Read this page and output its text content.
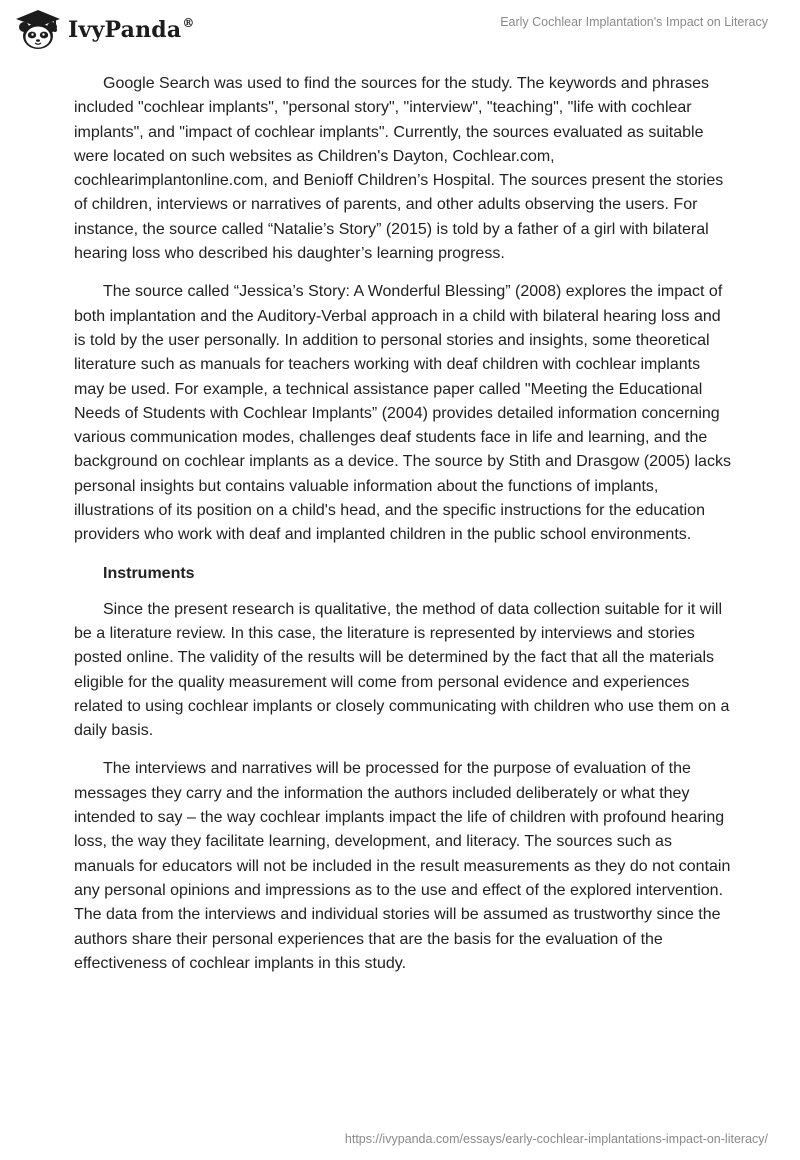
IvyPanda®	Early Cochlear Implantation's Impact on Literacy

Google Search was used to find the sources for the study. The keywords and phrases included "cochlear implants", "personal story", "interview", "teaching", "life with cochlear implants", and "impact of cochlear implants". Currently, the sources evaluated as suitable were located on such websites as Children's Dayton, Cochlear.com, cochlearimplantonline.com, and Benioff Children’s Hospital. The sources present the stories of children, interviews or narratives of parents, and other adults observing the users. For instance, the source called “Natalie’s Story” (2015) is told by a father of a girl with bilateral hearing loss who described his daughter’s learning progress.

The source called “Jessica’s Story: A Wonderful Blessing” (2008) explores the impact of both implantation and the Auditory-Verbal approach in a child with bilateral hearing loss and is told by the user personally. In addition to personal stories and insights, some theoretical literature such as manuals for teachers working with deaf children with cochlear implants may be used. For example, a technical assistance paper called "Meeting the Educational Needs of Students with Cochlear Implants” (2004) provides detailed information concerning various communication modes, challenges deaf students face in life and learning, and the background on cochlear implants as a device. The source by Stith and Drasgow (2005) lacks personal insights but contains valuable information about the functions of implants, illustrations of its position on a child's head, and the specific instructions for the education providers who work with deaf and implanted children in the public school environments.

Instruments

Since the present research is qualitative, the method of data collection suitable for it will be a literature review. In this case, the literature is represented by interviews and stories posted online. The validity of the results will be determined by the fact that all the materials eligible for the quality measurement will come from personal evidence and experiences related to using cochlear implants or closely communicating with children who use them on a daily basis.

The interviews and narratives will be processed for the purpose of evaluation of the messages they carry and the information the authors included deliberately or what they intended to say – the way cochlear implants impact the life of children with profound hearing loss, the way they facilitate learning, development, and literacy. The sources such as manuals for educators will not be included in the result measurements as they do not contain any personal opinions and impressions as to the use and effect of the explored intervention. The data from the interviews and individual stories will be assumed as trustworthy since the authors share their personal experiences that are the basis for the evaluation of the effectiveness of cochlear implants in this study.

https://ivypanda.com/essays/early-cochlear-implantations-impact-on-literacy/
